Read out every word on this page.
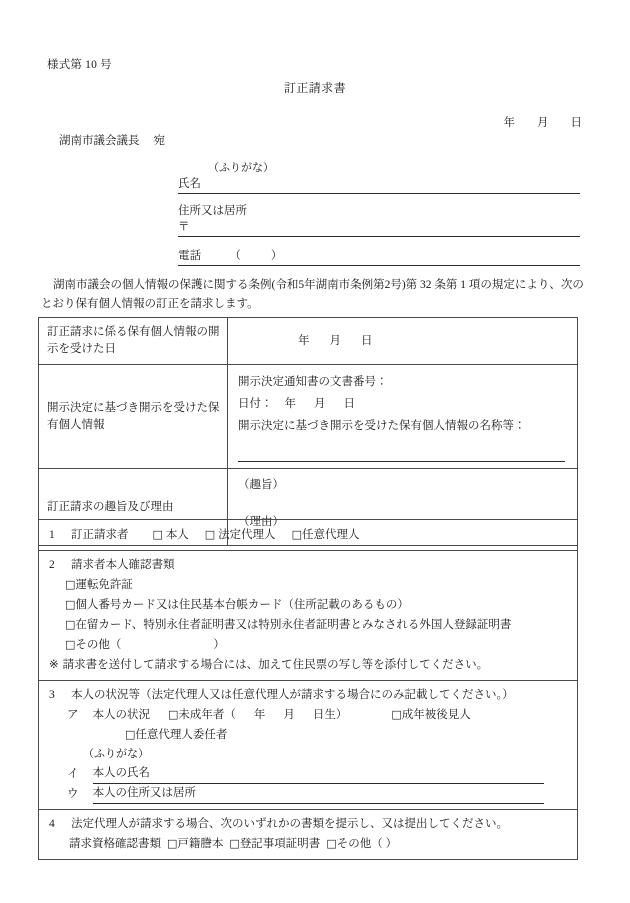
様式第 10 号
訂正請求書
年 月 日
湖南市議会議長 宛
（ふりがな）
氏名
住所又は居所
〒
電話	（	）
湖南市議会の個人情報の保護に関する条例(令和5年湖南市条例第2号)第 32 条第 1 項の規定により、次のとおり保有個人情報の訂正を請求します。
訂正請求に係る保有個人情報の開示を受けた日	年 月 日

開示決定に基づき開示を受けた保有個人情報	開示決定通知書の文書番号：
日付： 年 月 日
開示決定に基づき開示を受けた保有個人情報の名称等：

訂正請求の趣旨及び理由	（趣旨）
（理由）
1 訂正請求者 □ 本人 □ 法定代理人 □任意代理人

2 請求者本人確認書類
□運転免許証
□個人番号カード又は住民基本台帳カード（住所記載のあるもの）
□在留カード、特別永住者証明書又は特別永住者証明書とみなされる外国人登録証明書
□その他（　　　　　　　　）
※ 請求書を送付して請求する場合には、加えて住民票の写し等を添付してください。

3 本人の状況等（法定代理人又は任意代理人が請求する場合にのみ記載してください。）
ア 本人の状況 □未成年者（ 年 月 日生）	□成年被後見人
□任意代理人委任者
（ふりがな）
イ 本人の氏名
ウ 本人の住所又は居所

4 法定代理人が請求する場合、次のいずれかの書類を提示し、又は提出してください。
請求資格確認書類 □戸籍謄本 □登記事項証明書 □その他（ ）
